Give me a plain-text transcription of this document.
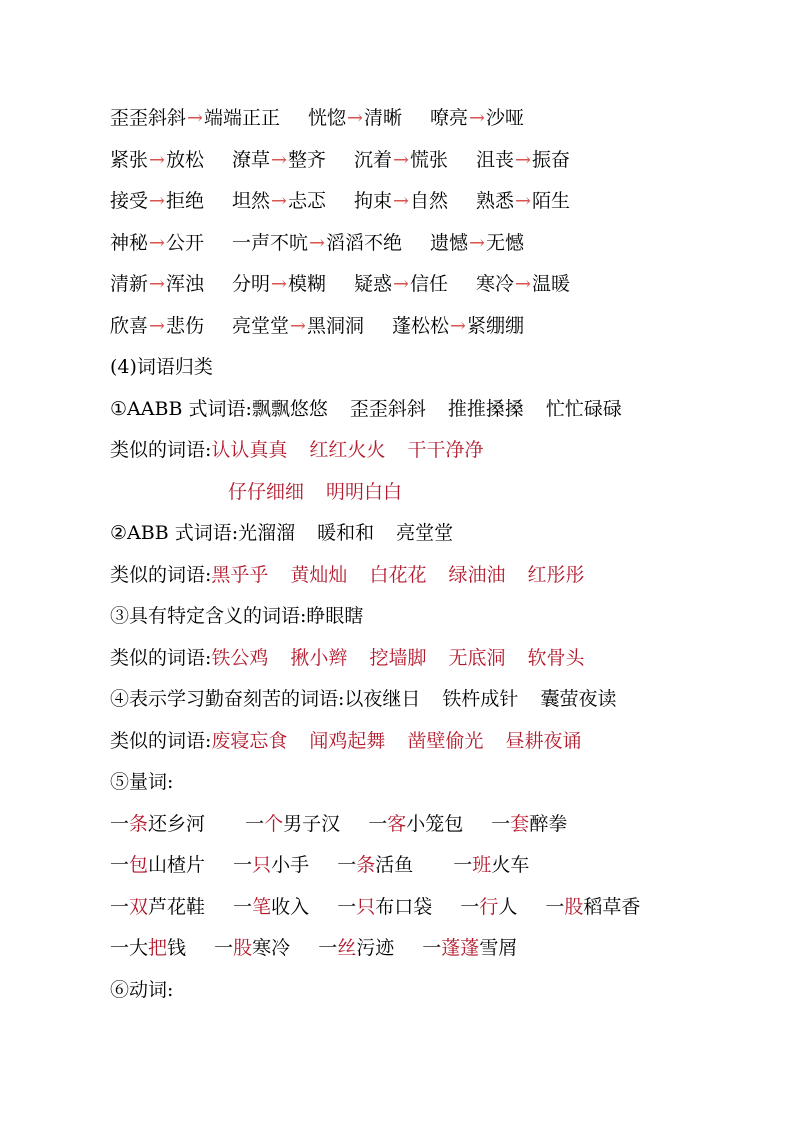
歪歪斜斜→端端正正 恍惚→清晰 嘹亮→沙哑
紧张→放松 潦草→整齐 沉着→慌张 沮丧→振奋
接受→拒绝 坦然→忐忑 拘束→自然 熟悉→陌生
神秘→公开 一声不吭→滔滔不绝 遗憾→无憾
清新→浑浊 分明→模糊 疑惑→信任 寒冷→温暖
欣喜→悲伤 亮堂堂→黑洞洞 蓬松松→紧绷绷
(4)词语归类
①AABB 式词语:飘飘悠悠 歪歪斜斜 推推搡搡 忙忙碌碌
类似的词语:认认真真 红红火火 干干净净
仔仔细细 明明白白
②ABB 式词语:光溜溜 暖和和 亮堂堂
类似的词语:黑乎乎 黄灿灿 白花花 绿油油 红彤彤
③具有特定含义的词语:睁眼瞎
类似的词语:铁公鸡 揪小辫 挖墙脚 无底洞 软骨头
④表示学习勤奋刻苦的词语:以夜继日 铁杵成针 囊萤夜读
类似的词语:废寝忘食 闻鸡起舞 凿壁偷光 昼耕夜诵
⑤量词:
一条还乡河 一个男子汉 一客小笼包 一套醉拳
一包山楂片 一只小手 一条活鱼 一班火车
一双芦花鞋 一笔收入 一只布口袋 一行人 一股稻草香
一大把钱 一股寒冷 一丝污迹 一蓬蓬雪屑
⑥动词:
